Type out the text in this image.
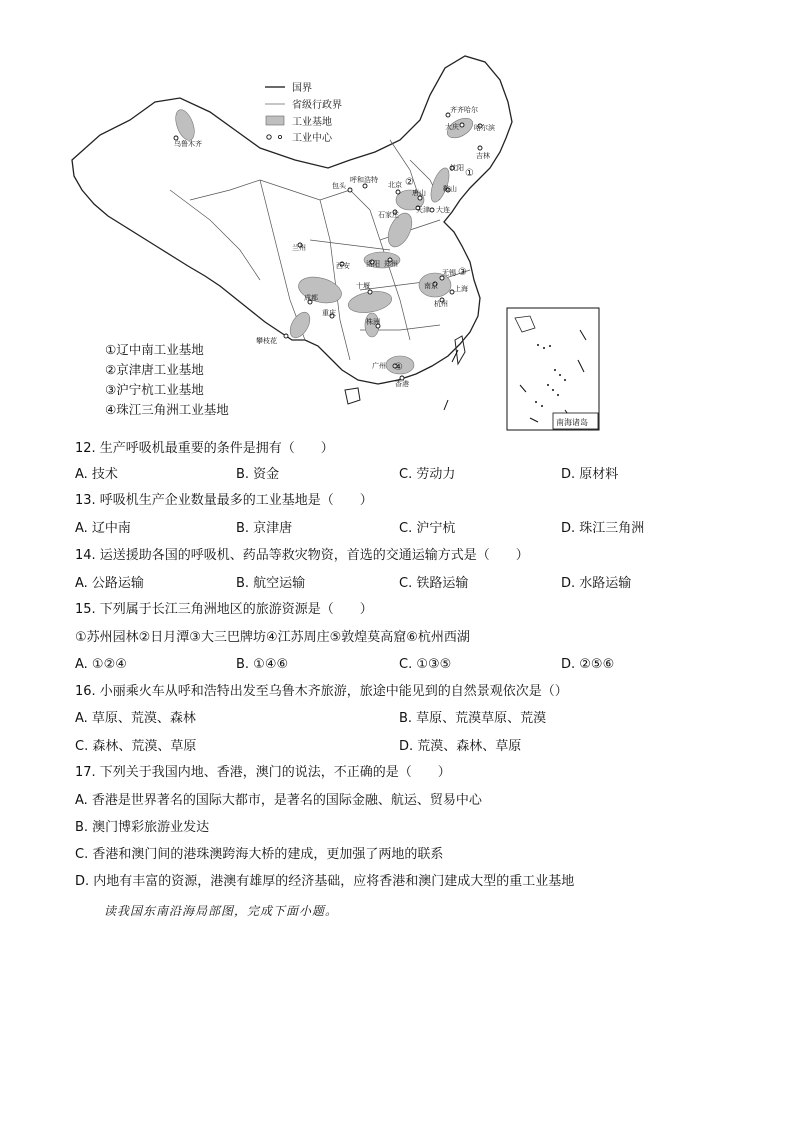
乌鲁木齐
齐齐哈尔
大庆 哈尔滨
吉林
沈阳
鞍山
包头
呼和浩特
北京
唐山
天津 大连
石家庄
兰州
西安 洛阳 郑州
无锡
南京 上海
杭州
十堰
成都
重庆
株洲
攀枝花
广州
香港
①
②
③
④
国界
省级行政界
工业基地
工业中心
南海诸岛
①辽中南工业基地
②京津唐工业基地
③沪宁杭工业基地
④珠江三角洲工业基地
12. 生产呼吸机最重要的条件是拥有（　　）
A. 技术	B. 资金	C. 劳动力	D. 原材料
13. 呼吸机生产企业数量最多的工业基地是（　　）
A. 辽中南	B. 京津唐	C. 沪宁杭	D. 珠江三角洲
14. 运送援助各国的呼吸机、药品等救灾物资，首选的交通运输方式是（　　）
A. 公路运输	B. 航空运输	C. 铁路运输	D. 水路运输
15. 下列属于长江三角洲地区的旅游资源是（　　）
①苏州园林②日月潭③大三巴牌坊④江苏周庄⑤敦煌莫高窟⑥杭州西湖
A. ①②④	B. ①④⑥	C. ①③⑤	D. ②⑤⑥
16. 小丽乘火车从呼和浩特出发至乌鲁木齐旅游，旅途中能见到的自然景观依次是（）
A. 草原、荒漠、森林	B. 草原、荒漠草原、荒漠
C. 森林、荒漠、草原	D. 荒漠、森林、草原
17. 下列关于我国内地、香港，澳门的说法，不正确的是（　　）
A. 香港是世界著名的国际大都市，是著名的国际金融、航运、贸易中心
B. 澳门博彩旅游业发达
C. 香港和澳门间的港珠澳跨海大桥的建成，更加强了两地的联系
D. 内地有丰富的资源，港澳有雄厚的经济基础，应将香港和澳门建成大型的重工业基地
读我国东南沿海局部图，完成下面小题。
